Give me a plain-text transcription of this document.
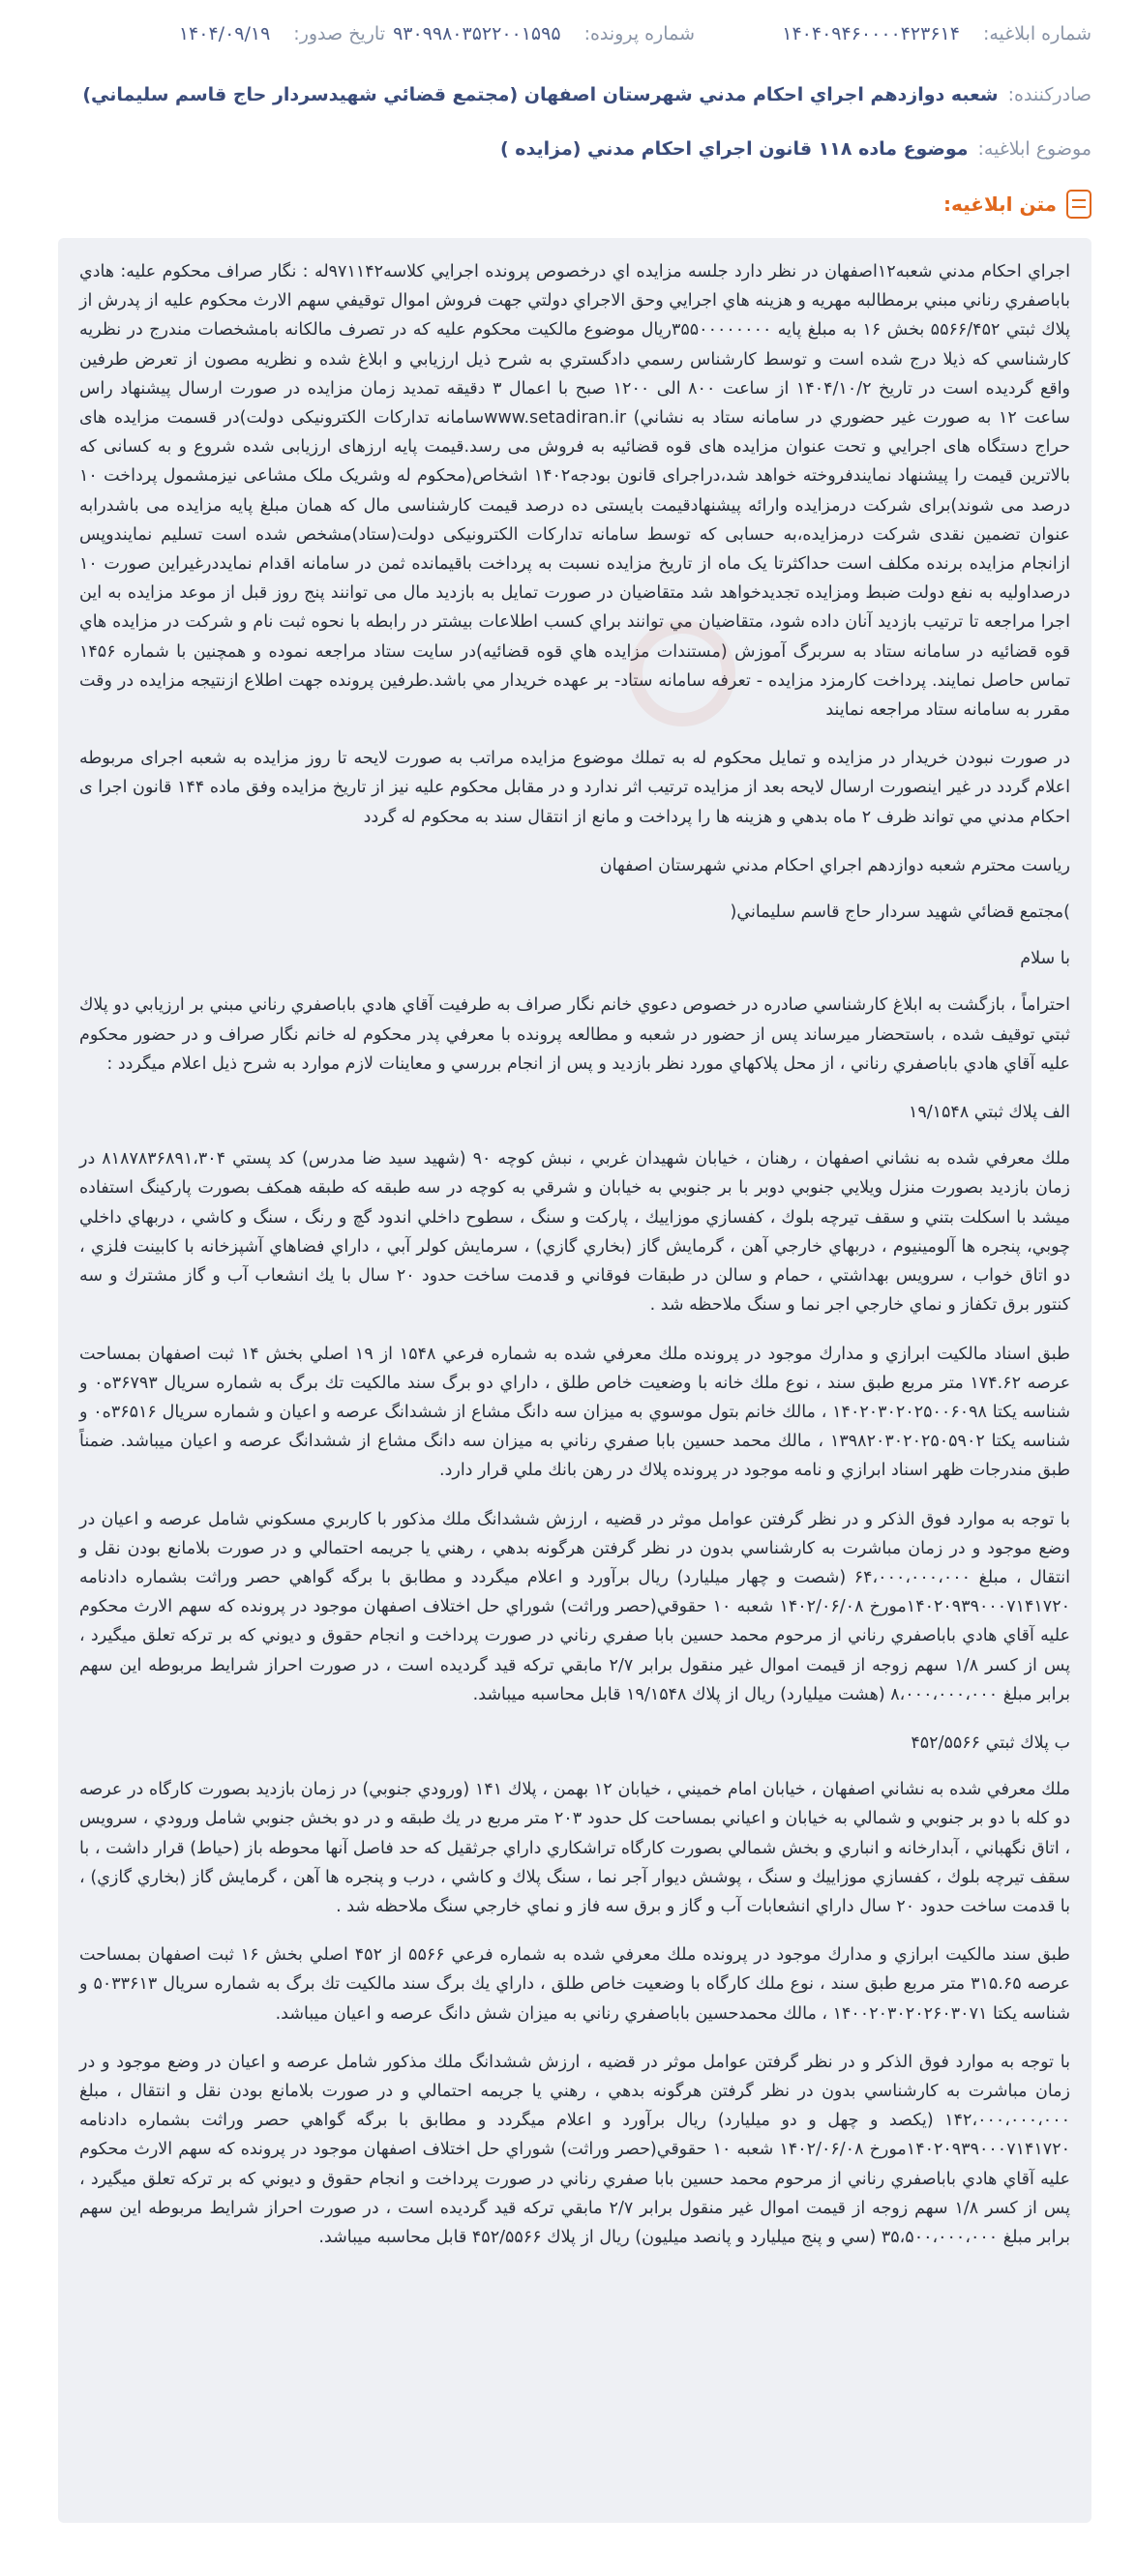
شماره ابلاغیه:
۱۴۰۴۰۹۴۶۰۰۰۰۴۲۳۶۱۴
شماره پرونده:
۹۳۰۹۹۸۰۳۵۲۲۰۰۱۵۹۵
تاریخ صدور:
۱۴۰۴/۰۹/۱۹
صادرکننده:
شعبه دوازدهم اجراي احكام مدني شهرستان اصفهان (مجتمع قضائي شهيدسردار حاج قاسم سليماني)
موضوع ابلاغیه:
موضوع ماده ۱۱۸ قانون اجراي احكام مدني (مزايده )
متن ابلاغیه:

اجراي احكام مدني شعبه۱۲اصفهان در نظر دارد جلسه مزايده اي درخصوص پرونده اجرايي كلاسه۹۷۱۱۴۲له : نگار صراف محكوم عليه: هادي باباصفري رناني مبني برمطالبه مهريه و هزينه هاي اجرايي وحق الاجراي دولتي جهت فروش اموال توقيفي سهم الارث محكوم عليه از پدرش از پلاك ثبتي ۵۵۶۶/۴۵۲ بخش ۱۶ به مبلغ پايه ۳۵۵۰۰۰۰۰۰۰۰ريال موضوع مالكيت محكوم عليه كه در تصرف مالكانه بامشخصات مندرج در نظريه كارشناسي كه ذيلا درج شده است و توسط كارشناس رسمي دادگستري به شرح ذيل ارزيابي و ابلاغ شده و نظريه مصون از تعرض طرفين واقع گرديده است در تاريخ ۱۴۰۴/۱۰/۲ از ساعت ۸۰۰ الی ۱۲۰۰ صبح با اعمال ۳ دقيقه تمديد زمان مزايده در صورت ارسال پيشنهاد راس ساعت ۱۲ به صورت غير حضوري در سامانه ستاد به نشاني) www.setadiran.irسامانه تدارکات الکترونیکی دولت)در قسمت مزايده های حراج دستگاه های اجرايي و تحت عنوان مزايده های قوه قضائيه به فروش می رسد.قيمت پايه ارزهای ارزيابی شده شروع و به کسانی که بالاترين قيمت را پيشنهاد نمايندفروخته خواهد شد،دراجرای قانون بودجه۱۴۰۲ اشخاص(محکوم له وشریک ملک مشاعی نیزمشمول پرداخت ۱۰ درصد می شوند)برای شرکت درمزایده وارائه پیشنهادقیمت بایستی ده درصد قيمت كارشناسی مال كه همان مبلغ پايه مزايده می باشدرابه عنوان تضمين نقدی شرکت درمزايده،به حسابی که توسط سامانه تداركات الكترونيكی دولت(ستاد)مشخص شده است تسليم نمايندوپس ازانجام مزايده برنده مكلف است حداكثرتا يک ماه از تاريخ مزايده نسبت به پرداخت باقيمانده ثمن در سامانه اقدام نمايددرغيراين صورت ۱۰ درصداوليه به نفع دولت ضبط ومزايده تجديدخواهد شد متقاضيان در صورت تمايل به بازديد مال می توانند پنج روز قبل از موعد مزايده به اين اجرا مراجعه تا ترتيب بازديد آنان داده شود، متقاضيان مي توانند براي كسب اطلاعات بيشتر در رابطه با نحوه ثبت نام و شركت در مزايده هاي قوه قضائيه در سامانه ستاد به سربرگ آموزش (مستندات مزايده هاي قوه قضائيه)در سايت ستاد مراجعه نموده و همچنين با شماره ۱۴۵۶ تماس حاصل نمايند. پرداخت كارمزد مزايده - تعرفه سامانه ستاد- بر عهده خريدار مي باشد.طرفين پرونده جهت اطلاع ازنتيجه مزايده در وقت مقرر به سامانه ستاد مراجعه نمايند

در صورت نبودن خريدار در مزايده و تمايل محكوم له به تملك موضوع مزايده مراتب به صورت لايحه تا روز مزايده به شعبه اجرای مربوطه اعلام گردد در غير اينصورت ارسال لايحه بعد از مزايده ترتيب اثر ندارد و در مقابل محكوم عليه نيز از تاريخ مزايده وفق ماده ۱۴۴ قانون اجرا ی احكام مدني مي تواند ظرف ۲ ماه بدهي و هزينه ها را پرداخت و مانع از انتقال سند به محكوم له گردد

رياست محترم شعبه دوازدهم اجراي احكام مدني شهرستان اصفهان

)مجتمع قضائي شهيد سردار حاج قاسم سليماني(

با سلام

احتراماً ، بازگشت به ابلاغ كارشناسي صادره در خصوص دعوي خانم نگار صراف به طرفيت آقاي هادي باباصفري رناني مبني بر ارزيابي دو پلاك ثبتي توقيف شده ، باستحضار ميرساند پس از حضور در شعبه و مطالعه پرونده با معرفي پدر محكوم له خانم نگار صراف و در حضور محكوم عليه آقاي هادي باباصفري رناني ، از محل پلاكهاي مورد نظر بازديد و پس از انجام بررسي و معاينات لازم موارد به شرح ذيل اعلام ميگردد :

الف پلاك ثبتي ۱۹/۱۵۴۸

ملك معرفي شده به نشاني اصفهان ، رهنان ، خيابان شهيدان غربي ، نبش كوچه ۹۰ (شهيد سيد ضا مدرس) كد پستي ۸۱۸۷۸۳۶۸۹۱،۳۰۴ در زمان بازديد بصورت منزل ويلايي جنوبي دوبر با بر جنوبي به خيابان و شرقي به كوچه در سه طبقه كه طبقه همكف بصورت پاركينگ استفاده ميشد با اسكلت بتني و سقف تيرچه بلوك ، كفسازي موزاييك ، پاركت و سنگ ، سطوح داخلي اندود گچ و رنگ ، سنگ و كاشي ، دربهاي داخلي چوبي، پنجره ها آلومينيوم ، دربهاي خارجي آهن ، گرمايش گاز (بخاري گازي) ، سرمايش كولر آبي ، داراي فضاهاي آشپزخانه با كابينت فلزي ، دو اتاق خواب ، سرويس بهداشتي ، حمام و سالن در طبقات فوقاني و قدمت ساخت حدود ۲۰ سال با يك انشعاب آب و گاز مشترك و سه كنتور برق تكفاز و نماي خارجي اجر نما و سنگ ملاحظه شد .

طبق اسناد مالكيت ابرازي و مدارك موجود در پرونده ملك معرفي شده به شماره فرعي ۱۵۴۸ از ۱۹ اصلي بخش ۱۴ ثبت اصفهان بمساحت عرصه ۱۷۴.۶۲ متر مربع طبق سند ، نوع ملك خانه با وضعيت خاص طلق ، داراي دو برگ سند مالكيت تك برگ به شماره سريال ۳۶۷۹۳ه۰ و شناسه يكتا ۱۴۰۲۰۳۰۲۰۲۵۰۰۶۰۹۸ ، مالك خانم بتول موسوي به ميزان سه دانگ مشاع از ششدانگ عرصه و اعيان و شماره سريال ۳۶۵۱۶ه۰ و شناسه يكتا ۱۳۹۸۲۰۳۰۲۰۲۵۰۵۹۰۲ ، مالك محمد حسين بابا صفري رناني به ميزان سه دانگ مشاع از ششدانگ عرصه و اعيان ميباشد. ضمناً طبق مندرجات ظهر اسناد ابرازي و نامه موجود در پرونده پلاك در رهن بانك ملي قرار دارد.

با توجه به موارد فوق الذكر و در نظر گرفتن عوامل موثر در قضيه ، ارزش ششدانگ ملك مذكور با كاربري مسكوني شامل عرصه و اعيان در وضع موجود و در زمان مباشرت به كارشناسي بدون در نظر گرفتن هرگونه بدهي ، رهني يا جريمه احتمالي و در صورت بلامانع بودن نقل و انتقال ، مبلغ ۶۴،۰۰۰،۰۰۰،۰۰۰ (شصت و چهار ميليارد) ريال برآورد و اعلام ميگردد و مطابق با برگه گواهي حصر وراثت بشماره دادنامه ۱۴۰۲۰۹۳۹۰۰۰۷۱۴۱۷۲۰مورخ ۱۴۰۲/۰۶/۰۸ شعبه ۱۰ حقوقي(حصر وراثت) شوراي حل اختلاف اصفهان موجود در پرونده كه سهم الارث محكوم عليه آقاي هادي باباصفري رناني از مرحوم محمد حسين بابا صفري رناني در صورت پرداخت و انجام حقوق و ديوني كه بر تركه تعلق ميگيرد ، پس از كسر ۱/۸ سهم زوجه از قيمت اموال غير منقول برابر ۲/۷ مابقي تركه قيد گرديده است ، در صورت احراز شرايط مربوطه اين سهم برابر مبلغ ۸،۰۰۰،۰۰۰،۰۰۰ (هشت ميليارد) ريال از پلاك ۱۹/۱۵۴۸ قابل محاسبه ميباشد.

ب پلاك ثبتي ۴۵۲/۵۵۶۶

ملك معرفي شده به نشاني اصفهان ، خيابان امام خميني ، خيابان ۱۲ بهمن ، پلاك ۱۴۱ (ورودي جنوبي) در زمان بازديد بصورت كارگاه در عرصه دو كله با دو بر جنوبي و شمالي به خيابان و اعياني بمساحت كل حدود ۲۰۳ متر مربع در يك طبقه و در دو بخش جنوبي شامل ورودي ، سرويس ، اتاق نگهباني ، آبدارخانه و انباري و بخش شمالي بصورت كارگاه تراشكاري داراي جرثقيل كه حد فاصل آنها محوطه باز (حياط) قرار داشت ، با سقف تيرچه بلوك ، كفسازي موزاييك و سنگ ، پوشش ديوار آجر نما ، سنگ پلاك و كاشي ، درب و پنجره ها آهن ، گرمايش گاز (بخاري گازي) ، با قدمت ساخت حدود ۲۰ سال داراي انشعابات آب و گاز و برق سه فاز و نماي خارجي سنگ ملاحظه شد .

طبق سند مالكيت ابرازي و مدارك موجود در پرونده ملك معرفي شده به شماره فرعي ۵۵۶۶ از ۴۵۲ اصلي بخش ۱۶ ثبت اصفهان بمساحت عرصه ۳۱۵.۶۵ متر مربع طبق سند ، نوع ملك كارگاه با وضعيت خاص طلق ، داراي يك برگ سند مالكيت تك برگ به شماره سريال ۵۰۳۳۶۱۳ و شناسه يكتا ۱۴۰۰۲۰۳۰۲۰۲۶۰۳۰۷۱ ، مالك محمدحسين باباصفري رناني به ميزان شش دانگ عرصه و اعيان ميباشد.

با توجه به موارد فوق الذكر و در نظر گرفتن عوامل موثر در قضيه ، ارزش ششدانگ ملك مذكور شامل عرصه و اعيان در وضع موجود و در زمان مباشرت به كارشناسي بدون در نظر گرفتن هرگونه بدهي ، رهني يا جريمه احتمالي و در صورت بلامانع بودن نقل و انتقال ، مبلغ ۱۴۲،۰۰۰،۰۰۰،۰۰۰ (يكصد و چهل و دو ميليارد) ريال برآورد و اعلام ميگردد و مطابق با برگه گواهي حصر وراثت بشماره دادنامه ۱۴۰۲۰۹۳۹۰۰۰۷۱۴۱۷۲۰مورخ ۱۴۰۲/۰۶/۰۸ شعبه ۱۰ حقوقي(حصر وراثت) شوراي حل اختلاف اصفهان موجود در پرونده كه سهم الارث محكوم عليه آقاي هادي باباصفري رناني از مرحوم محمد حسين بابا صفري رناني در صورت پرداخت و انجام حقوق و ديوني كه بر تركه تعلق ميگيرد ، پس از كسر ۱/۸ سهم زوجه از قيمت اموال غير منقول برابر ۲/۷ مابقي تركه قيد گرديده است ، در صورت احراز شرايط مربوطه اين سهم برابر مبلغ ۳۵،۵۰۰،۰۰۰،۰۰۰ (سي و پنج ميليارد و پانصد ميليون) ريال از پلاك ۴۵۲/۵۵۶۶ قابل محاسبه ميباشد.
